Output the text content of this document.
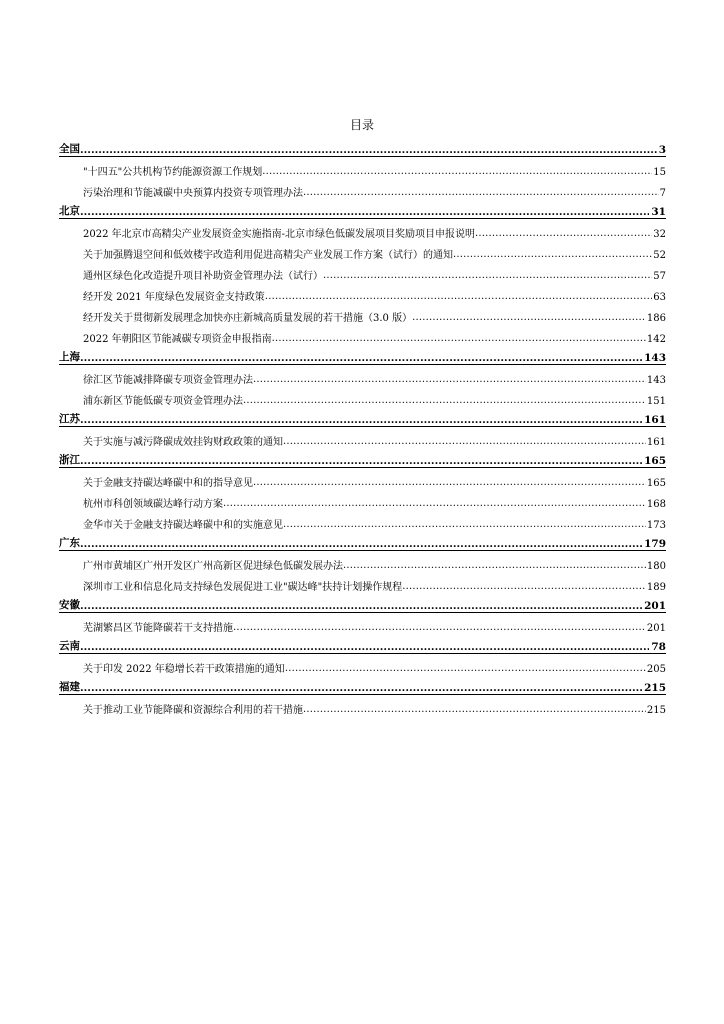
目录
全国 .....	3
"十四五"公共机构节约能源资源工作规划 .....	15
污染治理和节能减碳中央预算内投资专项管理办法 .....	7
北京 .....	31
2022 年北京市高精尖产业发展资金实施指南-北京市绿色低碳发展项目奖励项目申报说明 .....	32
关于加强腾退空间和低效楼宇改造利用促进高精尖产业发展工作方案（试行）的通知 .....	52
通州区绿色化改造提升项目补助资金管理办法（试行） .....	57
经开发 2021 年度绿色发展资金支持政策 .....	63
经开发关于贯彻新发展理念加快亦庄新城高质量发展的若干措施（3.0 版） .....	186
2022 年朝阳区节能减碳专项资金申报指南 .....	142
上海 .....	143
徐汇区节能减排降碳专项资金管理办法 .....	143
浦东新区节能低碳专项资金管理办法 .....	151
江苏 .....	161
关于实施与减污降碳成效挂钩财政政策的通知 .....	161
浙江 .....	165
关于金融支持碳达峰碳中和的指导意见 .....	165
杭州市科创领域碳达峰行动方案 .....	168
金华市关于金融支持碳达峰碳中和的实施意见 .....	173
广东 .....	179
广州市黄埔区广州开发区广州高新区促进绿色低碳发展办法 .....	180
深圳市工业和信息化局支持绿色发展促进工业"碳达峰"扶持计划操作规程 .....	189
安徽 .....	201
芜湖繁昌区节能降碳若干支持措施 .....	201
云南 .....	78
关于印发 2022 年稳增长若干政策措施的通知 .....	205
福建 .....	215
关于推动工业节能降碳和资源综合利用的若干措施 .....	215
